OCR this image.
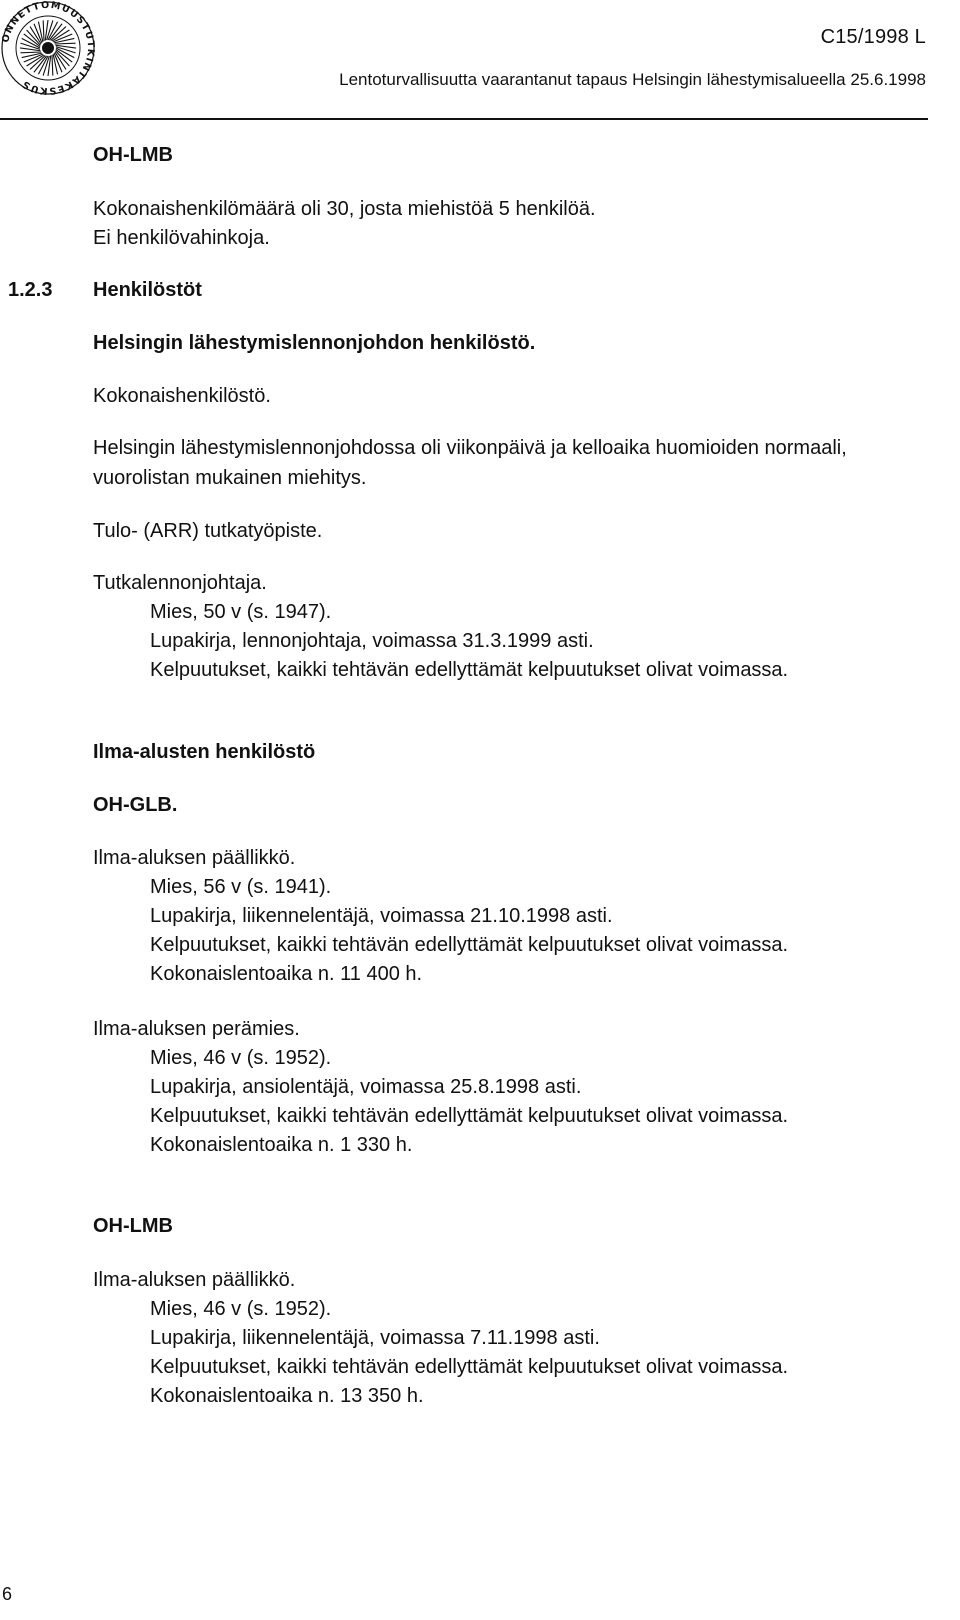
ONNETTOMUUSTUTKINTAKESKUS
C15/1998 L
Lentoturvallisuutta vaarantanut tapaus Helsingin lähestymisalueella 25.6.1998
OH-LMB
Kokonaishenkilömäärä oli 30, josta miehistöä 5 henkilöä.
Ei henkilövahinkoja.
1.2.3 Henkilöstöt
Helsingin lähestymislennonjohdon henkilöstö.
Kokonaishenkilöstö.
Helsingin lähestymislennonjohdossa oli viikonpäivä ja kelloaika huomioiden normaali,
vuorolistan mukainen miehitys.
Tulo- (ARR) tutkatyöpiste.
Tutkalennonjohtaja.
Mies, 50 v (s. 1947).
Lupakirja, lennonjohtaja, voimassa 31.3.1999 asti.
Kelpuutukset, kaikki tehtävän edellyttämät kelpuutukset olivat voimassa.
Ilma-alusten henkilöstö
OH-GLB.
Ilma-aluksen päällikkö.
Mies, 56 v (s. 1941).
Lupakirja, liikennelentäjä, voimassa 21.10.1998 asti.
Kelpuutukset, kaikki tehtävän edellyttämät kelpuutukset olivat voimassa.
Kokonaislentoaika n. 11 400 h.
Ilma-aluksen perämies.
Mies, 46 v (s. 1952).
Lupakirja, ansiolentäjä, voimassa 25.8.1998 asti.
Kelpuutukset, kaikki tehtävän edellyttämät kelpuutukset olivat voimassa.
Kokonaislentoaika n. 1 330 h.
OH-LMB
Ilma-aluksen päällikkö.
Mies, 46 v (s. 1952).
Lupakirja, liikennelentäjä, voimassa 7.11.1998 asti.
Kelpuutukset, kaikki tehtävän edellyttämät kelpuutukset olivat voimassa.
Kokonaislentoaika n. 13 350 h.
6
